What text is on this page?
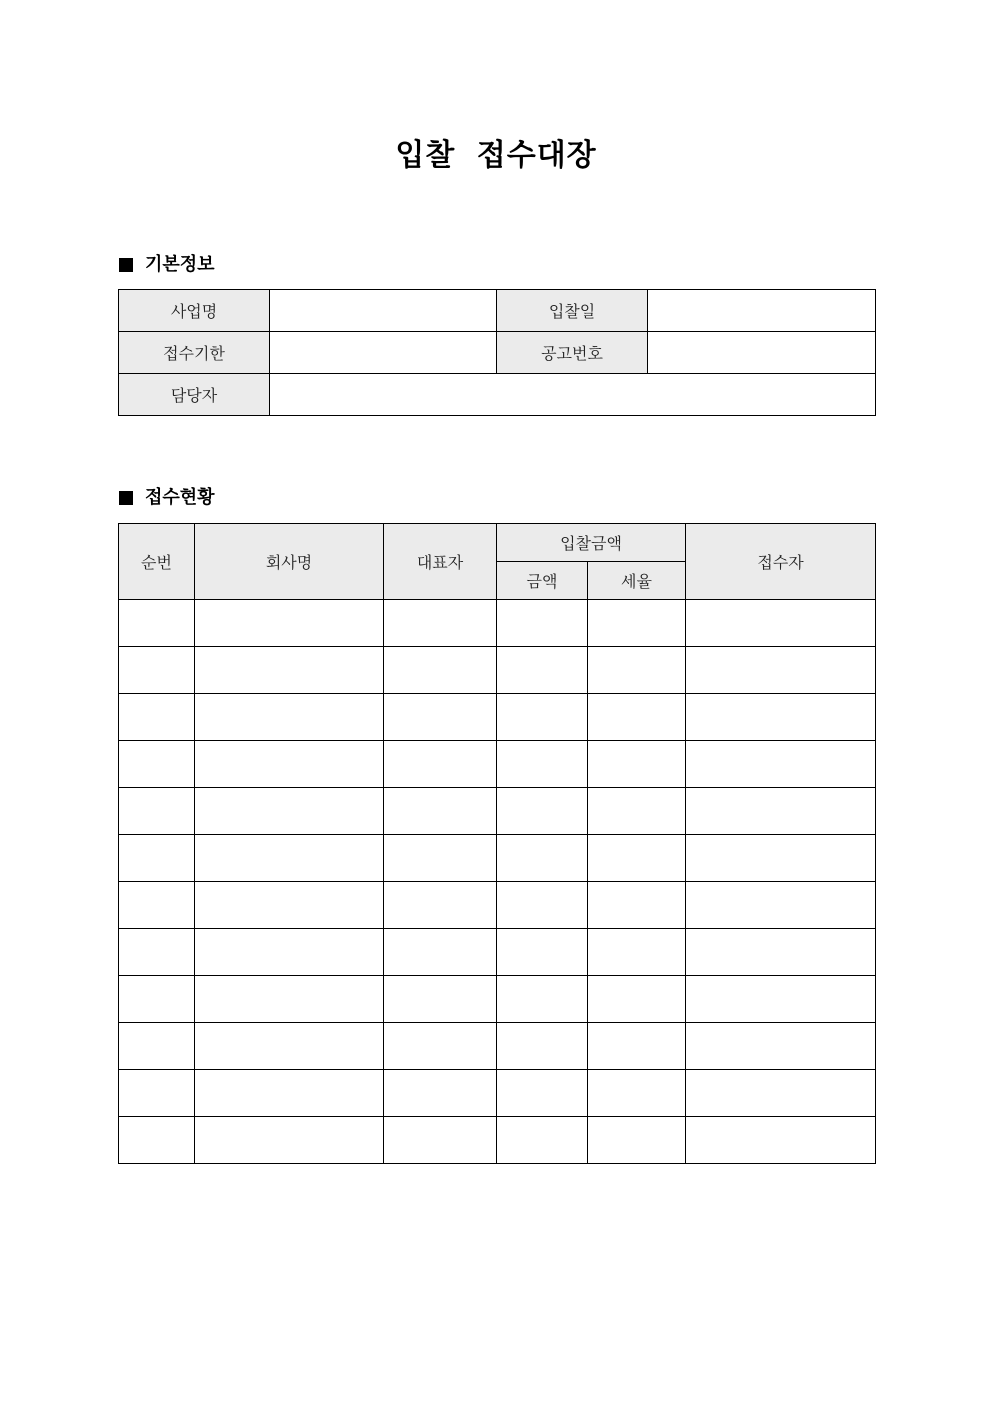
입찰 접수대장
기본정보
사업명		입찰일	
접수기한		공고번호	
담당자			
접수현황
순번	회사명	대표자	입찰금액		접수자
			금액	세율	
